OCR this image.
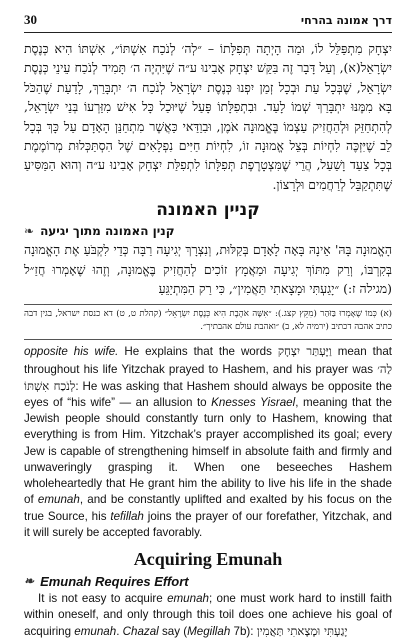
30	דרך אמונה בהרחי

יִצְחָק מִתְפַּלֵּל לוֹ, וּמַה הָיְתָה תְּפִלָּתוֹ – ״לְה׳ לְנֹכַח אִשְׁתּוֹ״, אִשְׁתּוֹ הִיא כְּנֶסֶת יִשְׂרָאֵל(א), וְעַל דָּבָר זֶה בִּקֵּשׁ יִצְחָק אָבִינוּ ע״ה שֶׁיִּהְיֶה ה׳ תָּמִיד לְנֹכַח עֵינֵי כְּנֶסֶת יִשְׂרָאֵל, שֶׁבְּכָל עֵת וּבְכָל זְמַן יִפְנוּ כְּנֶסֶת יִשְׂרָאֵל לְנֹכַח ה׳ יִתְבָּרַךְ, לָדַעַת שֶׁהַכֹּל בָּא מִמֶּנּוּ יִתְבָּרַךְ שְׁמוֹ לָעַד. וּבִתְפִלָּתוֹ פָּעַל שֶׁיּוּכַל כָּל אִישׁ מִזַּרְעוֹ בְּנֵי יִשְׂרָאֵל, לְהִתְחַזֵּק וּלְהַחֲזִיק עַצְמוֹ בֶּאֱמוּנָה אֹמֶן, וּבִוַדַּאי כַּאֲשֶׁר מִתְחַנֵּן הָאָדָם עַל כָּךְ בְּכָל לֵב שֶׁיִּזְכֶּה לִחְיוֹת בְּצֵל אֱמוּנָה זוֹ, לִחְיוֹת חַיִּים נִפְלָאִים שֶׁל הִסְתַּכְּלוּת מְרוֹמֶמֶת בְּכָל צַעַד וָשַׁעַל, הֲרֵי שֶׁמִּצְטָרֶפֶת תְּפִלָּתוֹ לִתְפִלַּת יִצְחָק אָבִינוּ ע״ה וְהוּא הַמַּסִּיעַ שֶׁתִּתְקַבֵּל לְרַחֲמִים וּלְרָצוֹן.

קניין האמונה
❧ קנין האמונה מתוך יגיעה

הָאֱמוּנָה בָּהּ' אֵינָהּ בָּאָה לָאָדָם בְּקַלּוּת, וְנִצְרָךְ יְגִיעָה רַבָּה כְּדֵי לִקְבֹּעַ אֶת הָאֱמוּנָה בְּקִרְבּוֹ, וְרַק מִתּוֹךְ יְגִיעָה וּמַאֲמָץ זוֹכִים לְהַחֲזִיק בֶּאֱמוּנָה, וְזֶהוּ שֶׁאָמְרוּ חֲזַ״ל (מגילה ז:) ״יָגַעְתִּי וּמָצָאתִי תַּאֲמִין״, כִּי רַק הַמִּתְיַגֵּעַ

(א) כְּמוֹ שֶׁאָמְרוּ בַּזֹּהַר (מִקֵּץ קצג.): ״אִשָּׁה אֹהֶבֶת הִיא כְּנֶסֶת יִשְׂרָאֵל״ (קהלת ט, ט) דא כנסת ישראל, בגין דבה כתיב אהבה דכתיב (ירמיה לא, ב) ״ואהבת עולם אהבתיך״.

opposite his wife. He explains that the words וַיֶּעְתַּר יִצְחָק mean that throughout his life Yitzchak prayed to Hashem, and his prayer was לַה׳ לְנֹכַח אִשְׁתּוֹ: He was asking that Hashem should always be opposite the eyes of “his wife” — an allusion to Knesses Yisrael, meaning that the Jewish people should constantly turn only to Hashem, knowing that everything is from Him. Yitzchak’s prayer accomplished its goal; every Jew is capable of strengthening himself in absolute faith and firmly and unwaveringly grasping it. When one beseeches Hashem wholeheartedly that He grant him the ability to live his life in the shade of emunah, and be constantly uplifted and exalted by his focus on the true Source, his tefillah joins the prayer of our forefather, Yitzchak, and it will surely be accepted favorably.

Acquiring Emunah
❧ Emunah Requires Effort

It is not easy to acquire emunah; one must work hard to instill faith within oneself, and only through this toil does one achieve his goal of acquiring emunah. Chazal say (Megillah 7b): יָגַעְתִּי וּמָצָאתִי תַּאֲמִין
